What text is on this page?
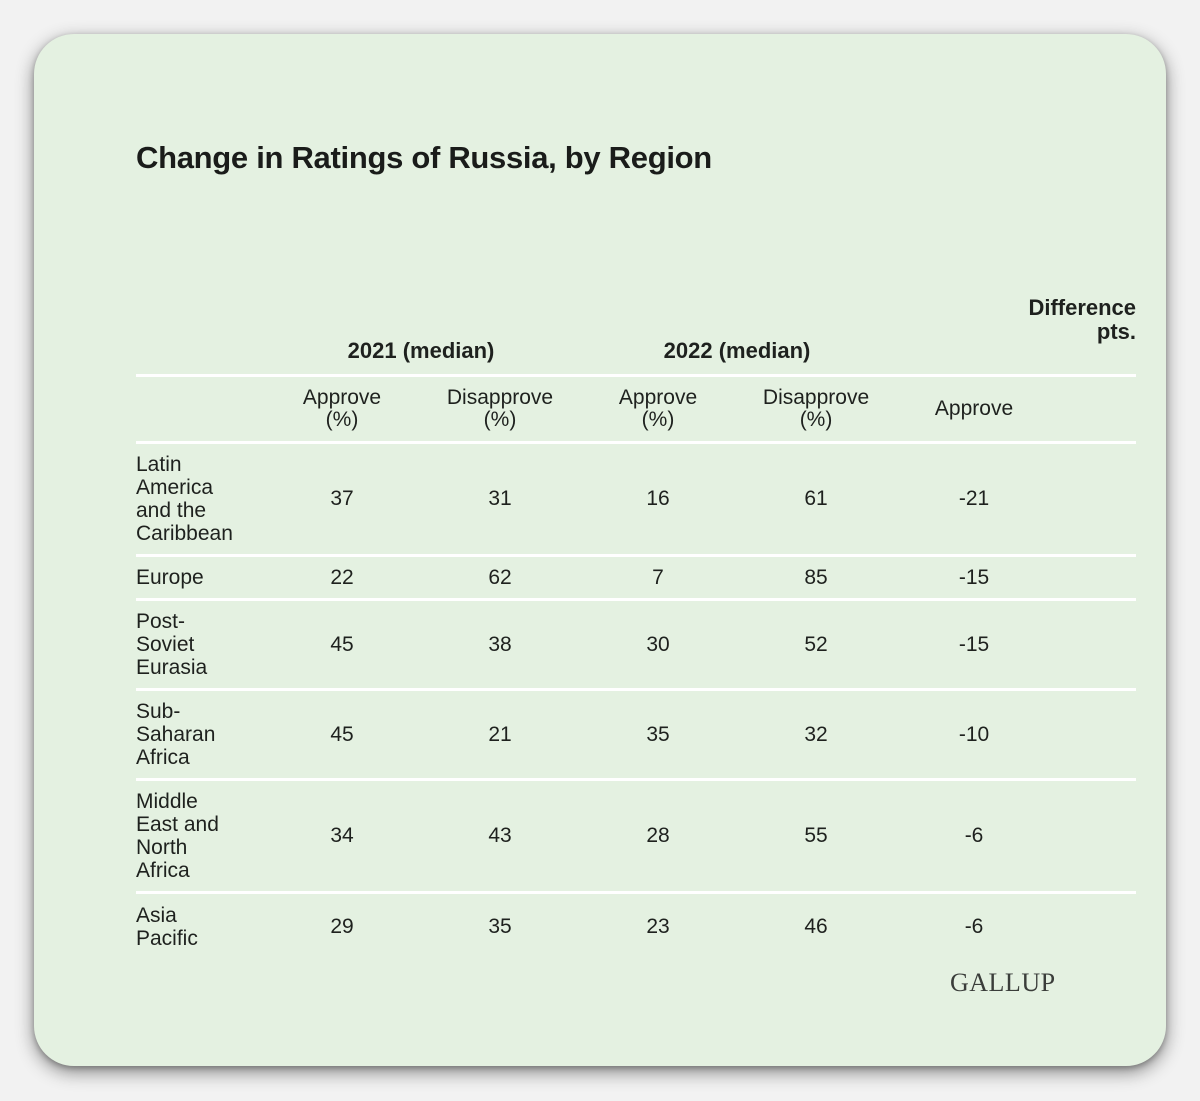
Change in Ratings of Russia, by Region
	2021 (median)		2022 (median)		Difference
pts.	

	Approve
(%)	Disapprove
(%)	Approve
(%)	Disapprove
(%)	Approve	

Latin
America
and the
Caribbean	37	31	16	61	-21	

Europe	22	62	7	85	-15	

Post-
Soviet
Eurasia	45	38	30	52	-15	

Sub-
Saharan
Africa	45	21	35	32	-10	

Middle
East and
North
Africa	34	43	28	55	-6	

Asia
Pacific	29	35	23	46	-6	
GALLUP
